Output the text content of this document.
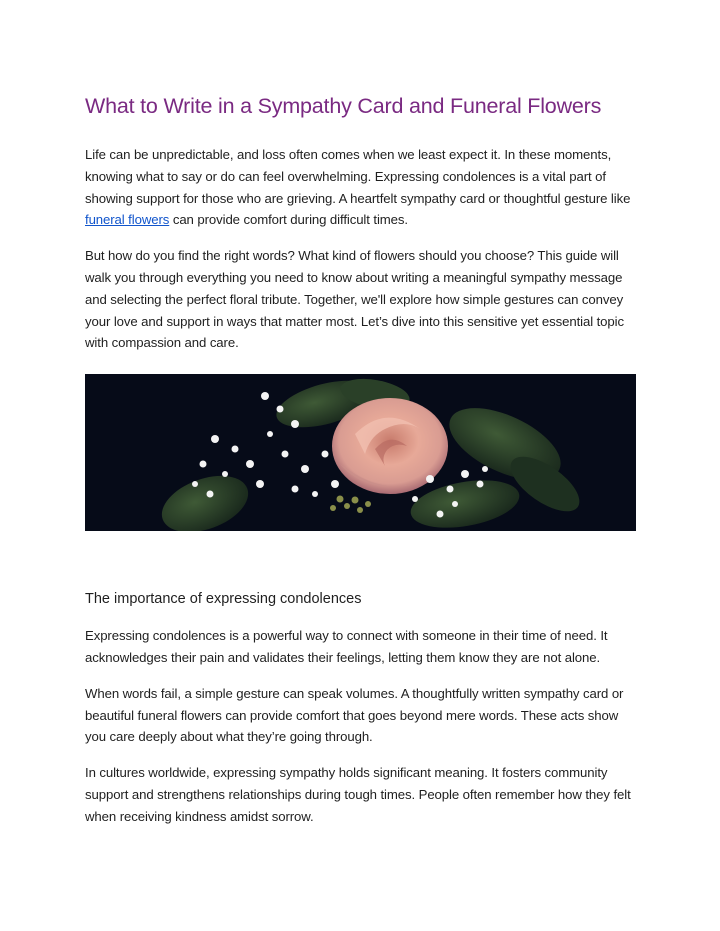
What to Write in a Sympathy Card and Funeral Flowers

Life can be unpredictable, and loss often comes when we least expect it. In these moments, knowing what to say or do can feel overwhelming. Expressing condolences is a vital part of showing support for those who are grieving. A heartfelt sympathy card or thoughtful gesture like funeral flowers can provide comfort during difficult times.

But how do you find the right words? What kind of flowers should you choose? This guide will walk you through everything you need to know about writing a meaningful sympathy message and selecting the perfect floral tribute. Together, we'll explore how simple gestures can convey your love and support in ways that matter most. Let’s dive into this sensitive yet essential topic with compassion and care.

The importance of expressing condolences

Expressing condolences is a powerful way to connect with someone in their time of need. It acknowledges their pain and validates their feelings, letting them know they are not alone.

When words fail, a simple gesture can speak volumes. A thoughtfully written sympathy card or beautiful funeral flowers can provide comfort that goes beyond mere words. These acts show you care deeply about what they’re going through.

In cultures worldwide, expressing sympathy holds significant meaning. It fosters community support and strengthens relationships during tough times. People often remember how they felt when receiving kindness amidst sorrow.
